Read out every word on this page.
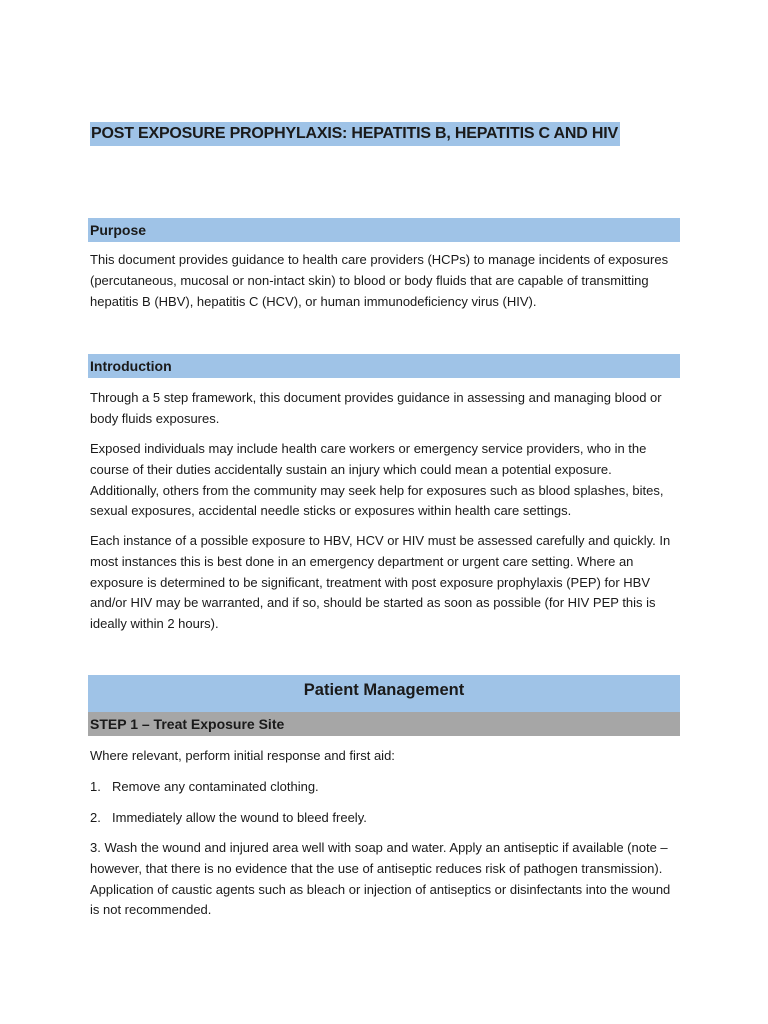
POST EXPOSURE PROPHYLAXIS: HEPATITIS B, HEPATITIS C AND HIV
Purpose

This document provides guidance to health care providers (HCPs) to manage incidents of exposures (percutaneous, mucosal or non-intact skin) to blood or body fluids that are capable of transmitting hepatitis B (HBV), hepatitis C (HCV), or human immunodeficiency virus (HIV).

Introduction

Through a 5 step framework, this document provides guidance in assessing and managing blood or body fluids exposures.

Exposed individuals may include health care workers or emergency service providers, who in the course of their duties accidentally sustain an injury which could mean a potential exposure. Additionally, others from the community may seek help for exposures such as blood splashes, bites, sexual exposures, accidental needle sticks or exposures within health care settings.

Each instance of a possible exposure to HBV, HCV or HIV must be assessed carefully and quickly. In most instances this is best done in an emergency department or urgent care setting. Where an exposure is determined to be significant, treatment with post exposure prophylaxis (PEP) for HBV and/or HIV may be warranted, and if so, should be started as soon as possible (for HIV PEP this is ideally within 2 hours).

Patient Management
STEP 1 – Treat Exposure Site

Where relevant, perform initial response and first aid:

1. Remove any contaminated clothing.
2. Immediately allow the wound to bleed freely.
3. Wash the wound and injured area well with soap and water. Apply an antiseptic if available (note – however, that there is no evidence that the use of antiseptic reduces risk of pathogen transmission). Application of caustic agents such as bleach or injection of antiseptics or disinfectants into the wound is not recommended.
